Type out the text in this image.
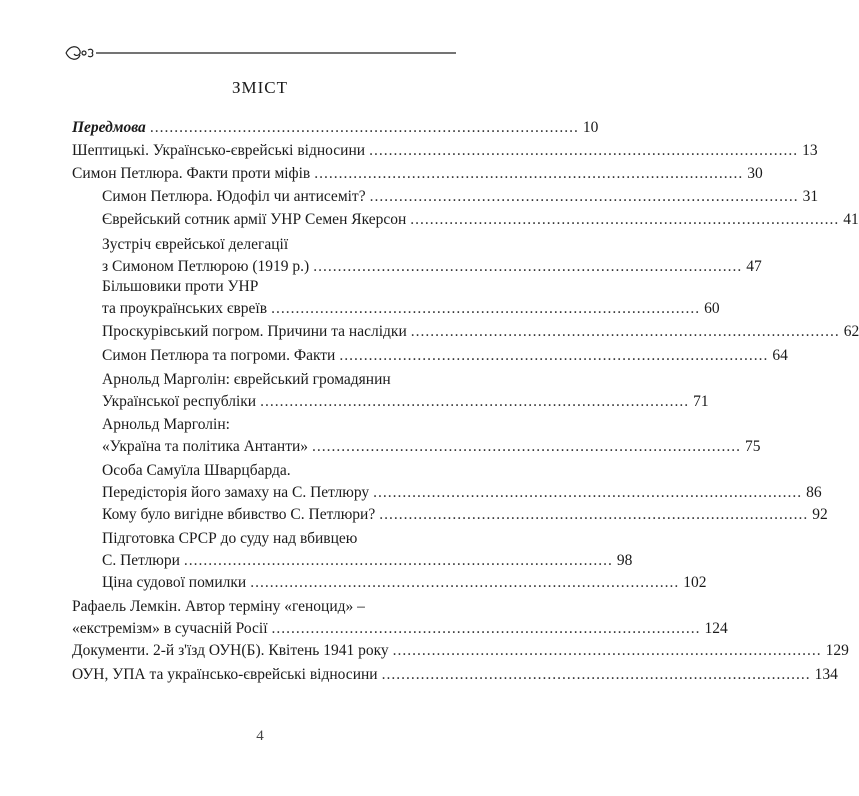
ЗМІСТ
Передмова ........................................................................................ 10
Шептицькі. Українсько-єврейські відносини ........................................................................................ 13
Симон Петлюра. Факти проти міфів ........................................................................................ 30
Симон Петлюра. Юдофіл чи антисеміт? ........................................................................................ 31
Єврейський сотник армії УНР Семен Якерсон ........................................................................................ 41
Зустріч єврейської делегації
з Симоном Петлюрою (1919 р.) ........................................................................................ 47
Більшовики проти УНР
та проукраїнських євреїв ........................................................................................ 60
Проскурівський погром. Причини та наслідки ........................................................................................ 62
Симон Петлюра та погроми. Факти ........................................................................................ 64
Арнольд Марголін: єврейський громадянин
Української республіки ........................................................................................ 71
Арнольд Марголін:
«Україна та політика Антанти» ........................................................................................ 75
Особа Самуїла Шварцбарда.
Передісторія його замаху на С. Петлюру ........................................................................................ 86
Кому було вигідне вбивство С. Петлюри? ........................................................................................ 92
Підготовка СРСР до суду над вбивцею
С. Петлюри ........................................................................................ 98
Ціна судової помилки ........................................................................................ 102
Рафаель Лемкін. Автор терміну «геноцид» –
«екстремізм» в сучасній Росії ........................................................................................ 124
Документи. 2-й з'їзд ОУН(Б). Квітень 1941 року ........................................................................................ 129
ОУН, УПА та українсько-єврейські відносини ........................................................................................ 134
4
